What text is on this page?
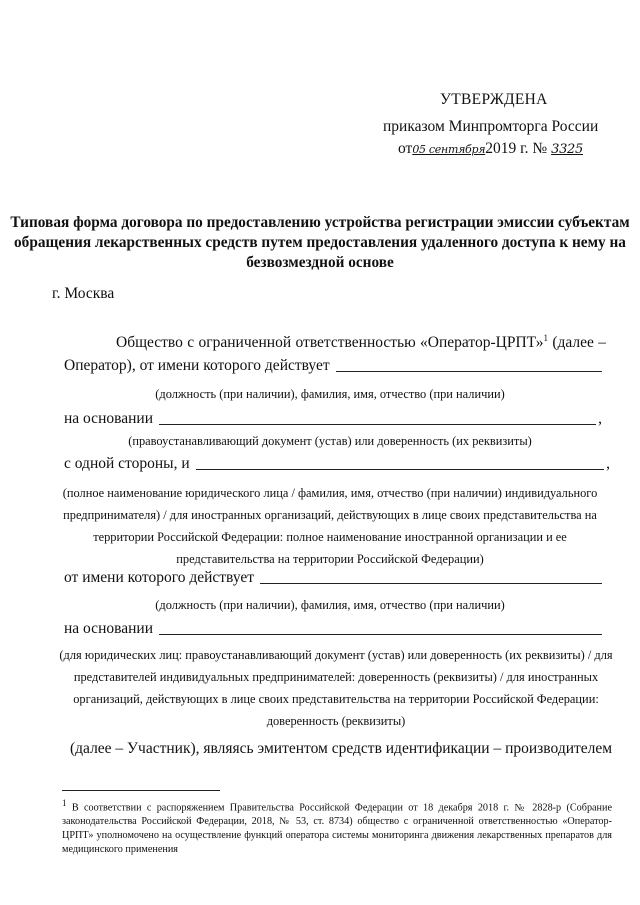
УТВЕРЖДЕНА
приказом Минпромторга России
от05 сентября2019 г. № 3325
Типовая форма договора по предоставлению устройства регистрации эмиссии субъектам обращения лекарственных средств путем предоставления удаленного доступа к нему на безвозмездной основе
г. Москва
Общество с ограниченной ответственностью «Оператор-ЦРПТ»$^1$ (далее –
Оператор), от имени которого действует
(должность (при наличии), фамилия, имя, отчество (при наличии)
на основании	,
(правоустанавливающий документ (устав) или доверенность (их реквизиты)
с одной стороны, и	,
(полное наименование юридического лица / фамилия, имя, отчество (при наличии) индивидуального предпринимателя) / для иностранных организаций, действующих в лице своих представительства на территории Российской Федерации: полное наименование иностранной организации и ее представительства на территории Российской Федерации)
от имени которого действует
(должность (при наличии), фамилия, имя, отчество (при наличии)
на основании
(для юридических лиц: правоустанавливающий документ (устав) или доверенность (их реквизиты) / для представителей индивидуальных предпринимателей: доверенность (реквизиты) / для иностранных организаций, действующих в лице своих представительства на территории Российской Федерации: доверенность (реквизиты)
(далее – Участник), являясь эмитентом средств идентификации – производителем
$^1$ В соответствии с распоряжением Правительства Российской Федерации от 18 декабря 2018 г. № 2828-р (Собрание законодательства Российской Федерации, 2018, № 53, ст. 8734) общество с ограниченной ответственностью «Оператор-ЦРПТ» уполномочено на осуществление функций оператора системы мониторинга движения лекарственных препаратов для медицинского применения
